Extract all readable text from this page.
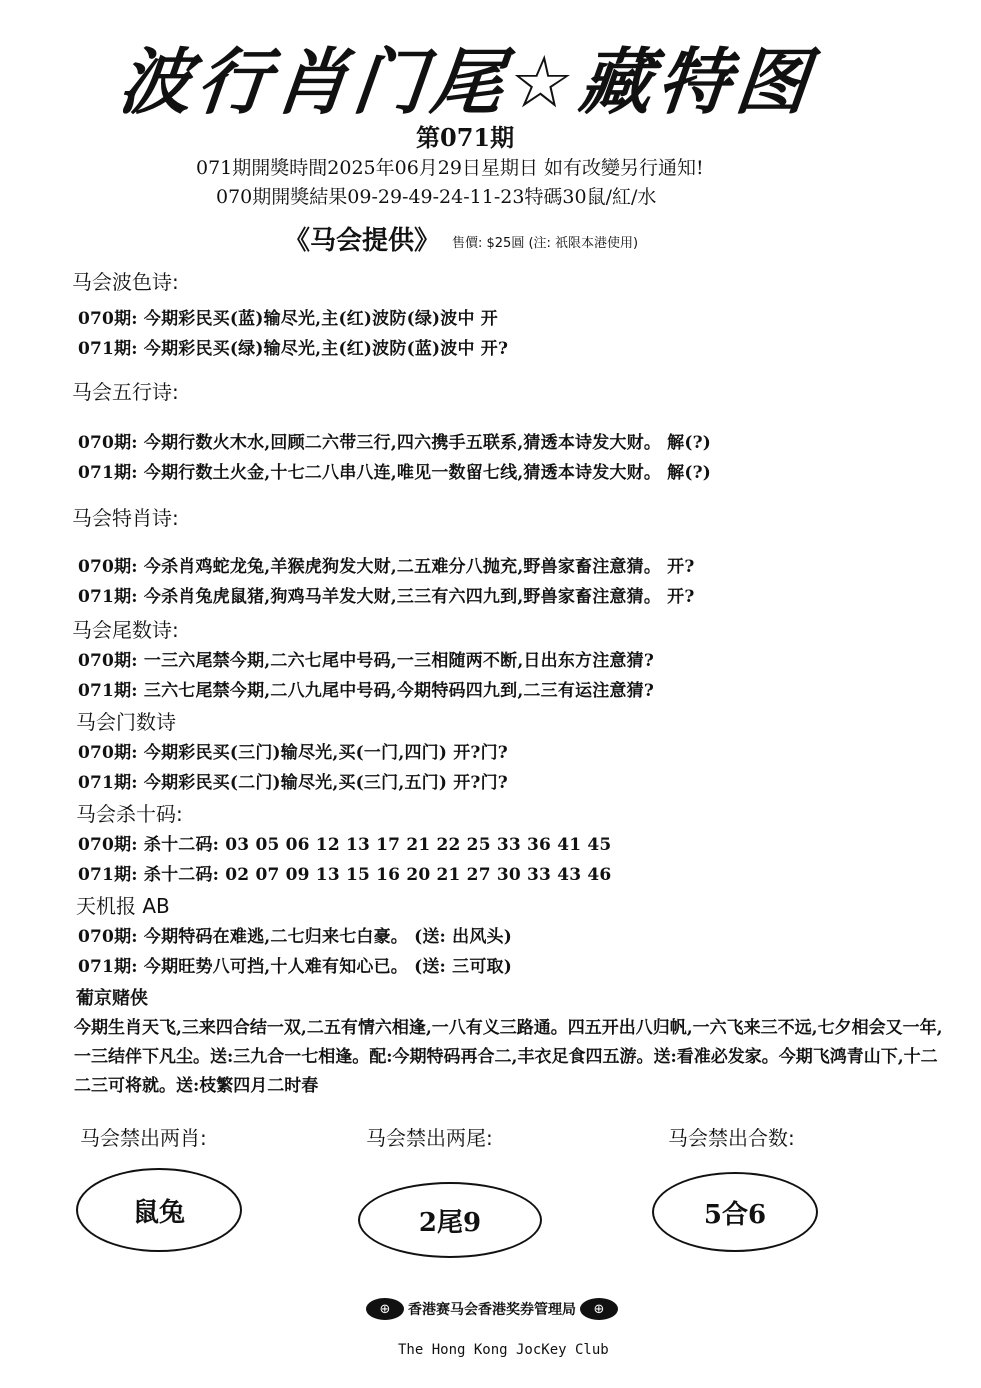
波行肖门尾☆藏特图
第071期
071期開獎時間2025年06月29日星期日 如有改變另行通知!
070期開獎結果09-29-49-24-11-23特碼30鼠/紅/水
《马会提供》 售價: $25圓 (注: 祇限本港使用)
马会波色诗:
070期: 今期彩民买(蓝)输尽光,主(红)波防(绿)波中 开
071期: 今期彩民买(绿)输尽光,主(红)波防(蓝)波中 开?
马会五行诗:
070期: 今期行数火木水,回顾二六带三行,四六携手五联系,猜透本诗发大财。 解(?)
071期: 今期行数土火金,十七二八串八连,唯见一数留七线,猜透本诗发大财。 解(?)
马会特肖诗:
070期: 今杀肖鸡蛇龙兔,羊猴虎狗发大财,二五难分八抛充,野兽家畜注意猜。 开?
071期: 今杀肖兔虎鼠猪,狗鸡马羊发大财,三三有六四九到,野兽家畜注意猜。 开?
马会尾数诗:
070期: 一三六尾禁今期,二六七尾中号码,一三相随两不断,日出东方注意猜?
071期: 三六七尾禁今期,二八九尾中号码,今期特码四九到,二三有运注意猜?
马会门数诗
070期: 今期彩民买(三门)输尽光,买(一门,四门) 开?门?
071期: 今期彩民买(二门)输尽光,买(三门,五门) 开?门?
马会杀十码:
070期: 杀十二码: 03 05 06 12 13 17 21 22 25 33 36 41 45
071期: 杀十二码: 02 07 09 13 15 16 20 21 27 30 33 43 46
天机报 AB
070期: 今期特码在难逃,二七归来七白豪。 (送: 出风头)
071期: 今期旺势八可挡,十人难有知心已。 (送: 三可取)
葡京赌侠
今期生肖天飞,三来四合结一双,二五有情六相逢,一八有义三路通。四五开出八归帆,一六飞来三不远,七夕相会又一年,一三结伴下凡尘。送:三九合一七相逢。配:今期特码再合二,丰衣足食四五游。送:看准必发家。今期飞鸿青山下,十二二三可将就。送:枝繁四月二时春
马会禁出两肖:	马会禁出两尾:	马会禁出合数:
鼠兔	2尾9	5合6
⊕	香港赛马会香港奖券管理局	⊕
The Hong Kong JocKey Club
